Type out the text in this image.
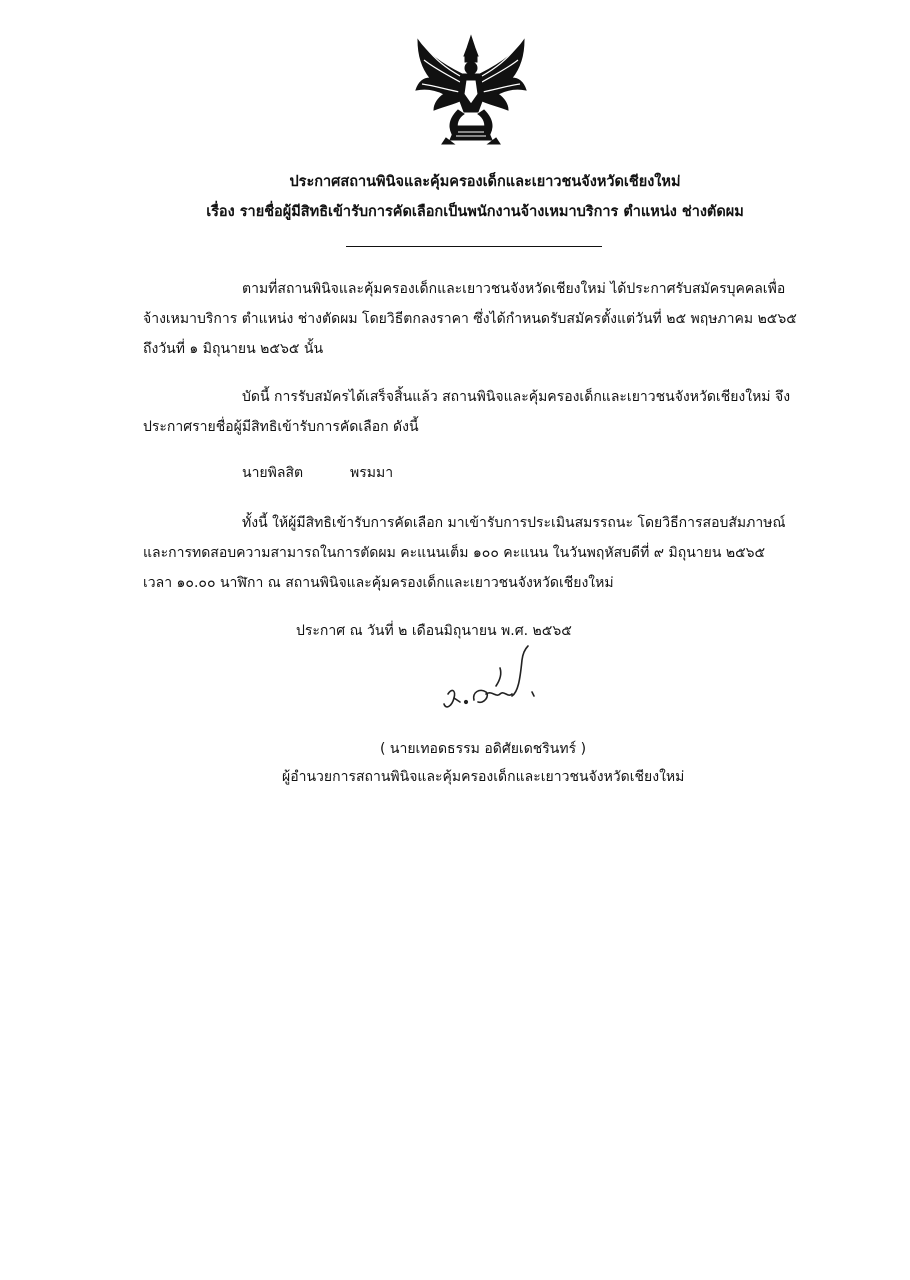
ประกาศสถานพินิจและคุ้มครองเด็กและเยาวชนจังหวัดเชียงใหม่
เรื่อง รายชื่อผู้มีสิทธิเข้ารับการคัดเลือกเป็นพนักงานจ้างเหมาบริการ ตำแหน่ง ช่างตัดผม
ตามที่สถานพินิจและคุ้มครองเด็กและเยาวชนจังหวัดเชียงใหม่ ได้ประกาศรับสมัครบุคคลเพื่อ
จ้างเหมาบริการ ตำแหน่ง ช่างตัดผม โดยวิธีตกลงราคา ซึ่งได้กำหนดรับสมัครตั้งแต่วันที่ ๒๕ พฤษภาคม ๒๕๖๕
ถึงวันที่ ๑ มิถุนายน ๒๕๖๕ นั้น
บัดนี้ การรับสมัครได้เสร็จสิ้นแล้ว สถานพินิจและคุ้มครองเด็กและเยาวชนจังหวัดเชียงใหม่ จึง
ประกาศรายชื่อผู้มีสิทธิเข้ารับการคัดเลือก ดังนี้
นายพิลสิต	พรมมา
ทั้งนี้ ให้ผู้มีสิทธิเข้ารับการคัดเลือก มาเข้ารับการประเมินสมรรถนะ โดยวิธีการสอบสัมภาษณ์
และการทดสอบความสามารถในการตัดผม คะแนนเต็ม ๑๐๐ คะแนน ในวันพฤหัสบดีที่ ๙ มิถุนายน ๒๕๖๕
เวลา ๑๐.๐๐ นาฬิกา ณ สถานพินิจและคุ้มครองเด็กและเยาวชนจังหวัดเชียงใหม่
ประกาศ ณ วันที่ ๒ เดือนมิถุนายน พ.ศ. ๒๕๖๕
( นายเทอดธรรม อดิศัยเดชรินทร์ )
ผู้อำนวยการสถานพินิจและคุ้มครองเด็กและเยาวชนจังหวัดเชียงใหม่
